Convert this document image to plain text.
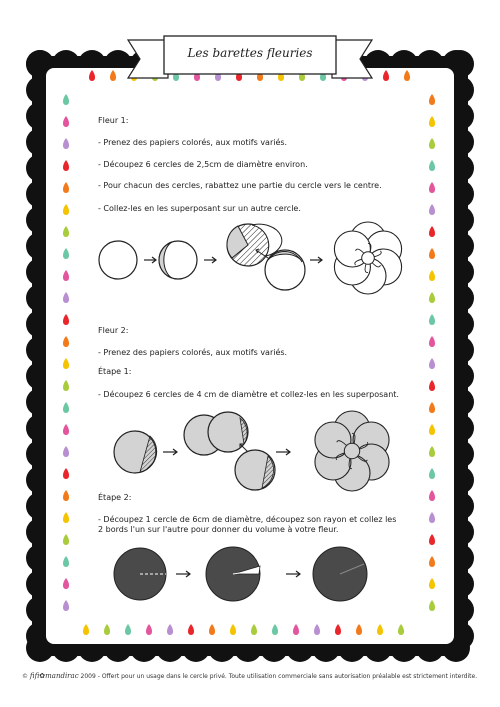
Les barettes fleuries
Fleur 1:
- Prenez des papiers colorés, aux motifs variés.
- Découpez 6 cercles de 2,5cm de diamètre environ.
- Pour chacun des cercles, rabattez une partie du cercle vers le centre.
- Collez-les en les superposant sur un autre cercle.
Fleur 2:
- Prenez des papiers colorés, aux motifs variés.
Étape 1:
- Découpez 6 cercles de 4 cm de diamètre et collez-les en les superposant.
Étape 2:
- Découpez 1 cercle de 6cm de diamètre, découpez son rayon et collez les 2 bords l'un sur l'autre pour donner du volume à votre fleur.
© fifi✿mandirac 2009 - Offert pour un usage dans le cercle privé. Toute utilisation commerciale sans autorisation préalable est strictement interdite.
